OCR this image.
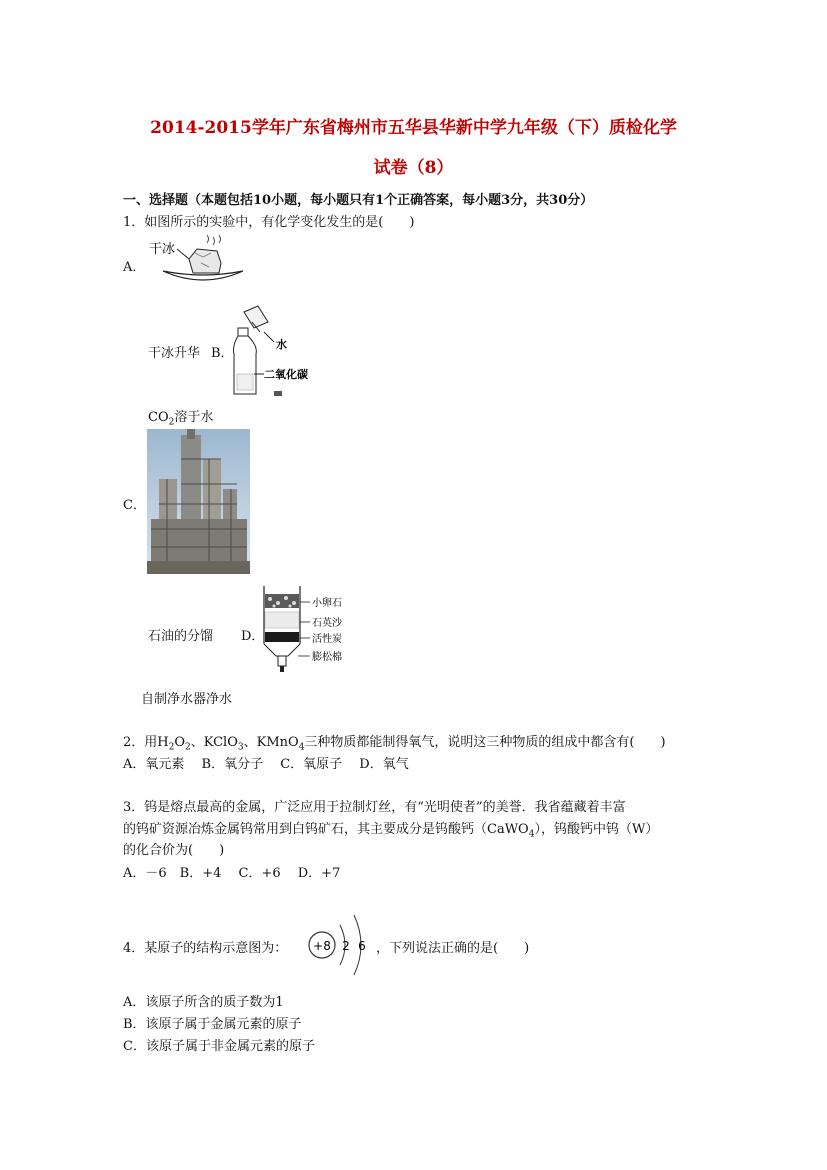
2014-2015学年广东省梅州市五华县华新中学九年级（下）质检化学
试卷（8）
一、选择题（本题包括10小题，每小题只有1个正确答案，每小题3分，共30分）
1．如图所示的实验中，有化学变化发生的是(　　)
A．
干冰
干冰升华 B．
水
二氧化碳
$CO_2$溶于水
C．
石油的分馏 D．
小卵石
石英沙
活性炭
膨松棉
自制净水器净水
2．用$H_2O_2$、KClO$_3$、KMnO$_4$三种物质都能制得氧气，说明这三种物质的组成中都含有(　　)
A．氧元素　 B．氧分子　 C．氧原子　 D．氧气
3．钨是熔点最高的金属，广泛应用于拉制灯丝，有“光明使者”的美誉．我省蕴藏着丰富
的钨矿资源冶炼金属钨常用到白钨矿石，其主要成分是钨酸钙（CaWO$_4$），钨酸钙中钨（W）
的化合价为(　　)
A．－6　B．+4　 C．+6　 D．+7
4．某原子的结构示意图为： +8 2 6 ，下列说法正确的是(　　)
A．该原子所含的质子数为1
B．该原子属于金属元素的原子
C．该原子属于非金属元素的原子
